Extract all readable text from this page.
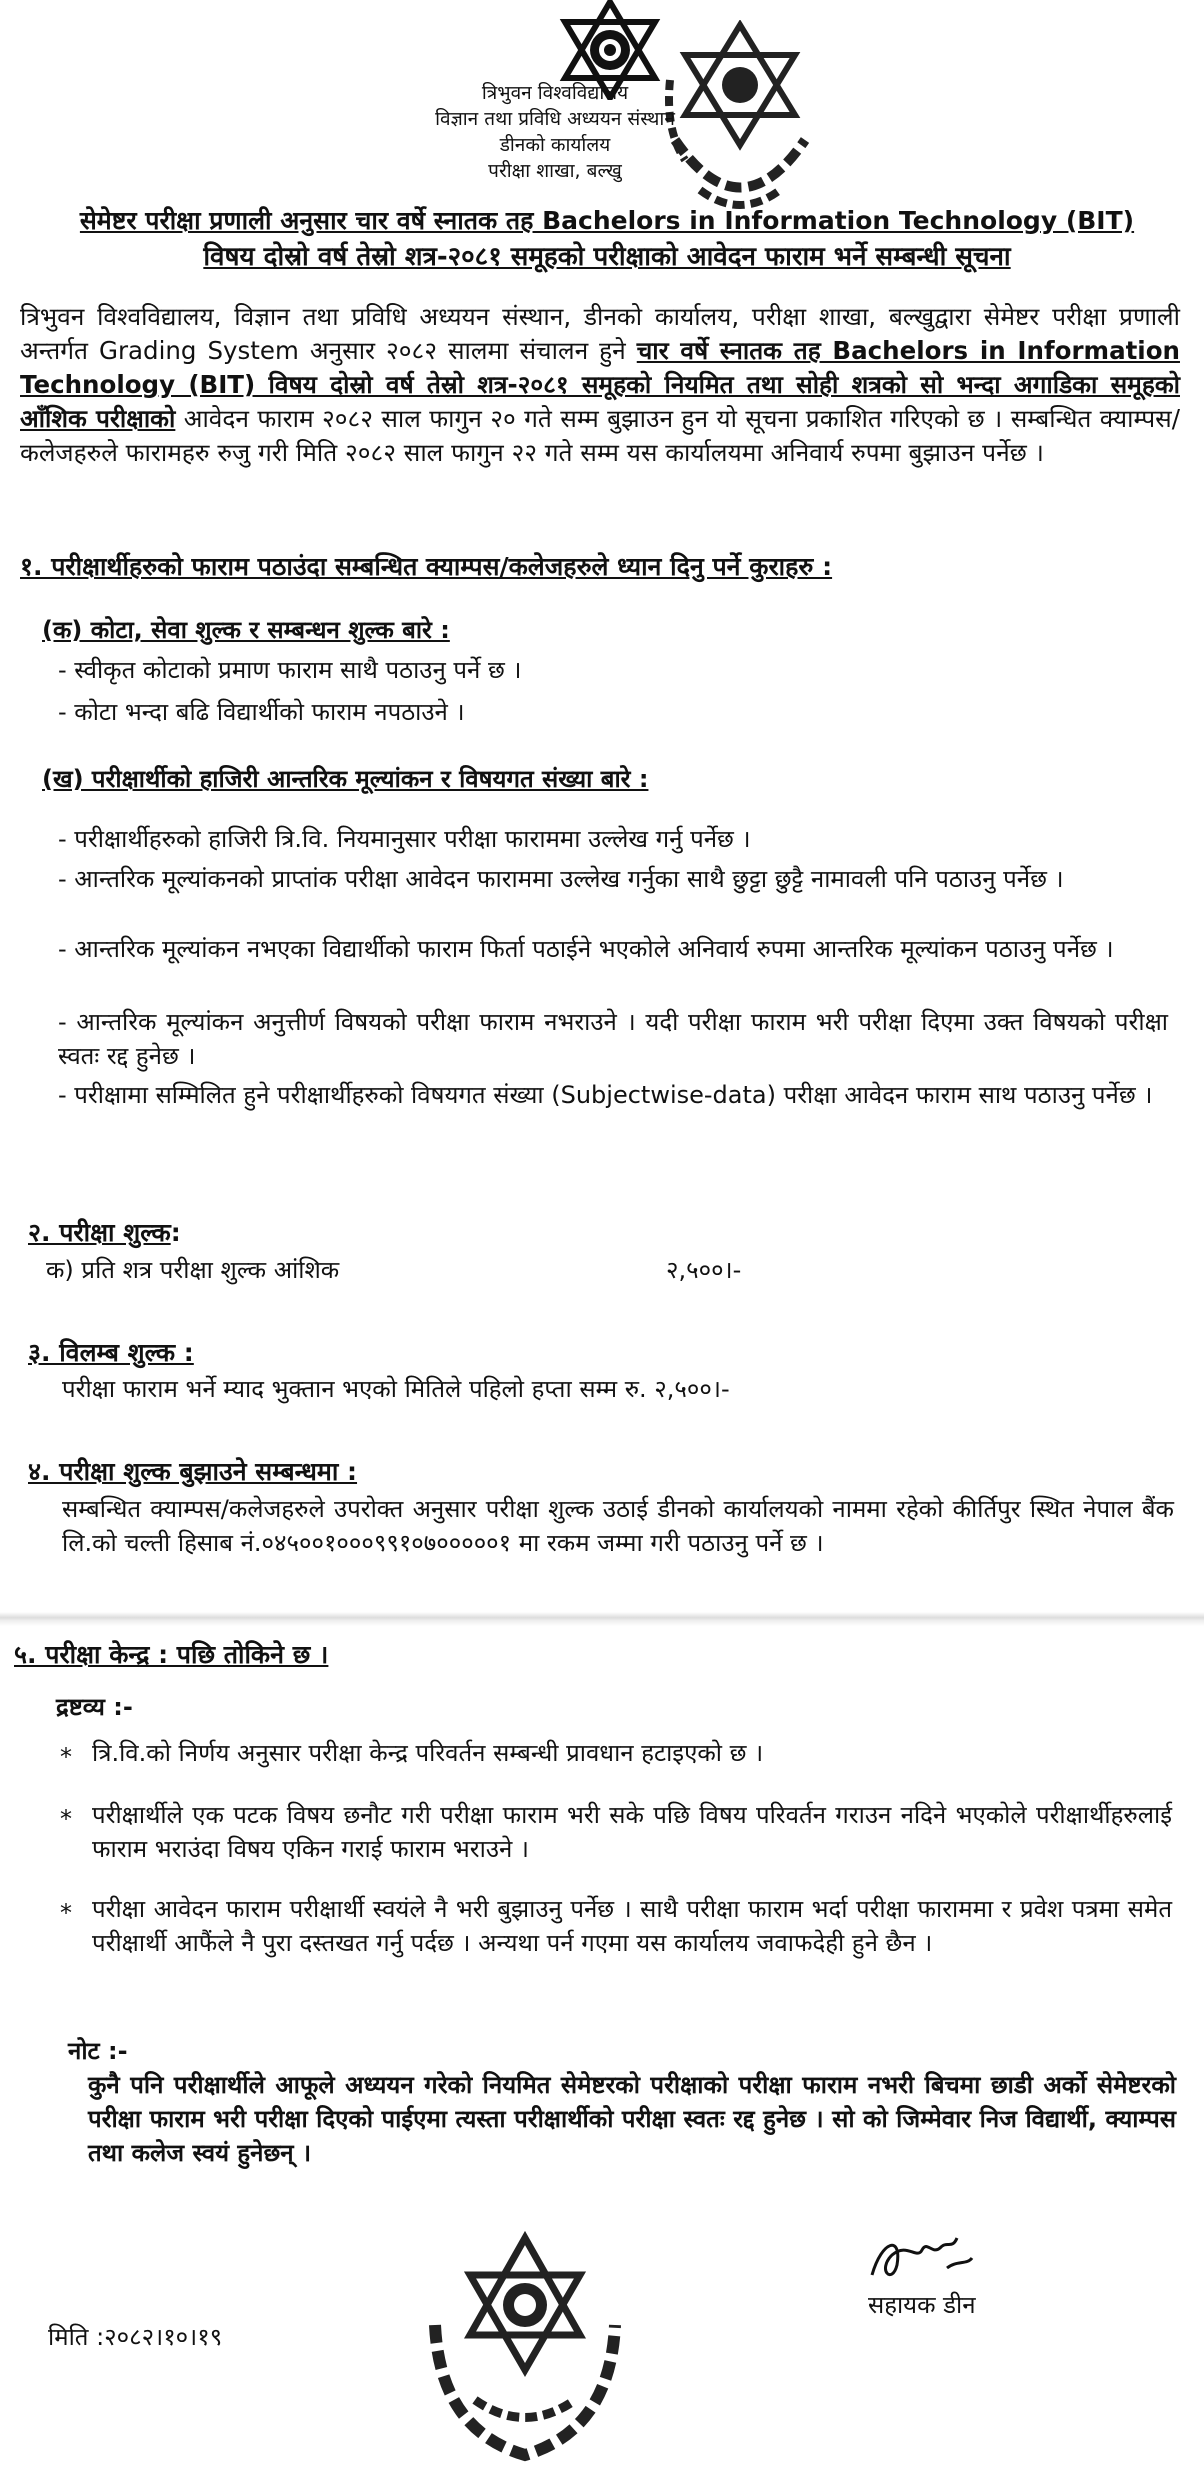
त्रिभुवन विश्वविद्यालय
विज्ञान तथा प्रविधि अध्ययन संस्थान
डीनको कार्यालय
परीक्षा शाखा, बल्खु
सेमेष्टर परीक्षा प्रणाली अनुसार चार वर्षे स्नातक तह Bachelors in Information Technology (BIT)
विषय दोस्रो वर्ष तेस्रो शत्र-२०८१ समूहको परीक्षाको आवेदन फाराम भर्ने सम्बन्धी सूचना
त्रिभुवन विश्वविद्यालय, विज्ञान तथा प्रविधि अध्ययन संस्थान, डीनको कार्यालय, परीक्षा शाखा, बल्खुद्वारा सेमेष्टर परीक्षा प्रणाली अन्तर्गत Grading System अनुसार २०८२ सालमा संचालन हुने चार वर्षे स्नातक तह Bachelors in Information Technology (BIT) विषय दोस्रो वर्ष तेस्रो शत्र-२०८१ समूहको नियमित तथा सोही शत्रको सो भन्दा अगाडिका समूहको आँशिक परीक्षाको आवेदन फाराम २०८२ साल फागुन २० गते सम्म बुझाउन हुन यो सूचना प्रकाशित गरिएको छ । सम्बन्धित क्याम्पस/कलेजहरुले फारामहरु रुजु गरी मिति २०८२ साल फागुन २२ गते सम्म यस कार्यालयमा अनिवार्य रुपमा बुझाउन पर्नेछ ।
१. परीक्षार्थीहरुको फाराम पठाउंदा सम्बन्धित क्याम्पस/कलेजहरुले ध्यान दिनु पर्ने कुराहरु :
(क) कोटा, सेवा शुल्क र सम्बन्धन शुल्क बारे :
- स्वीकृत कोटाको प्रमाण फाराम साथै पठाउनु पर्ने छ ।
- कोटा भन्दा बढि विद्यार्थीको फाराम नपठाउने ।
(ख) परीक्षार्थीको हाजिरी आन्तरिक मूल्यांकन र विषयगत संख्या बारे :
- परीक्षार्थीहरुको हाजिरी त्रि.वि. नियमानुसार परीक्षा फाराममा उल्लेख गर्नु पर्नेछ ।
- आन्तरिक मूल्यांकनको प्राप्तांक परीक्षा आवेदन फाराममा उल्लेख गर्नुका साथै छुट्टा छुट्टै नामावली पनि पठाउनु पर्नेछ ।
- आन्तरिक मूल्यांकन नभएका विद्यार्थीको फाराम फिर्ता पठाईने भएकोले अनिवार्य रुपमा आन्तरिक मूल्यांकन पठाउनु पर्नेछ ।
- आन्तरिक मूल्यांकन अनुत्तीर्ण विषयको परीक्षा फाराम नभराउने । यदी परीक्षा फाराम भरी परीक्षा दिएमा उक्त विषयको परीक्षा स्वतः रद्द हुनेछ ।
- परीक्षामा सम्मिलित हुने परीक्षार्थीहरुको विषयगत संख्या (Subjectwise-data) परीक्षा आवेदन फाराम साथ पठाउनु पर्नेछ ।
२. परीक्षा शुल्क:
क) प्रति शत्र परीक्षा शुल्क आंशिक	२,५००।-
३. विलम्ब शुल्क :
परीक्षा फाराम भर्ने म्याद भुक्तान भएको मितिले पहिलो हप्ता सम्म रु. २,५००।-
४. परीक्षा शुल्क बुझाउने सम्बन्धमा :
सम्बन्धित क्याम्पस/कलेजहरुले उपरोक्त अनुसार परीक्षा शुल्क उठाई डीनको कार्यालयको नाममा रहेको कीर्तिपुर स्थित नेपाल बैंक लि.को चल्ती हिसाब नं.०४५००१०००९९१०७०००००१ मा रकम जम्मा गरी पठाउनु पर्ने छ ।
५. परीक्षा केन्द्र : पछि तोकिने छ ।
द्रष्टव्य :-
* त्रि.वि.को निर्णय अनुसार परीक्षा केन्द्र परिवर्तन सम्बन्धी प्रावधान हटाइएको छ ।
* परीक्षार्थीले एक पटक विषय छनौट गरी परीक्षा फाराम भरी सके पछि विषय परिवर्तन गराउन नदिने भएकोले परीक्षार्थीहरुलाई फाराम भराउंदा विषय एकिन गराई फाराम भराउने ।
* परीक्षा आवेदन फाराम परीक्षार्थी स्वयंले नै भरी बुझाउनु पर्नेछ । साथै परीक्षा फाराम भर्दा परीक्षा फाराममा र प्रवेश पत्रमा समेत परीक्षार्थी आफैंले नै पुरा दस्तखत गर्नु पर्दछ । अन्यथा पर्न गएमा यस कार्यालय जवाफदेही हुने छैन ।
नोट :-
कुनै पनि परीक्षार्थीले आफूले अध्ययन गरेको नियमित सेमेष्टरको परीक्षाको परीक्षा फाराम नभरी बिचमा छाडी अर्को सेमेष्टरको परीक्षा फाराम भरी परीक्षा दिएको पाईएमा त्यस्ता परीक्षार्थीको परीक्षा स्वतः रद्द हुनेछ । सो को जिम्मेवार निज विद्यार्थी, क्याम्पस तथा कलेज स्वयं हुनेछन् ।
सहायक डीन
मिति :२०८२।१०।१९
